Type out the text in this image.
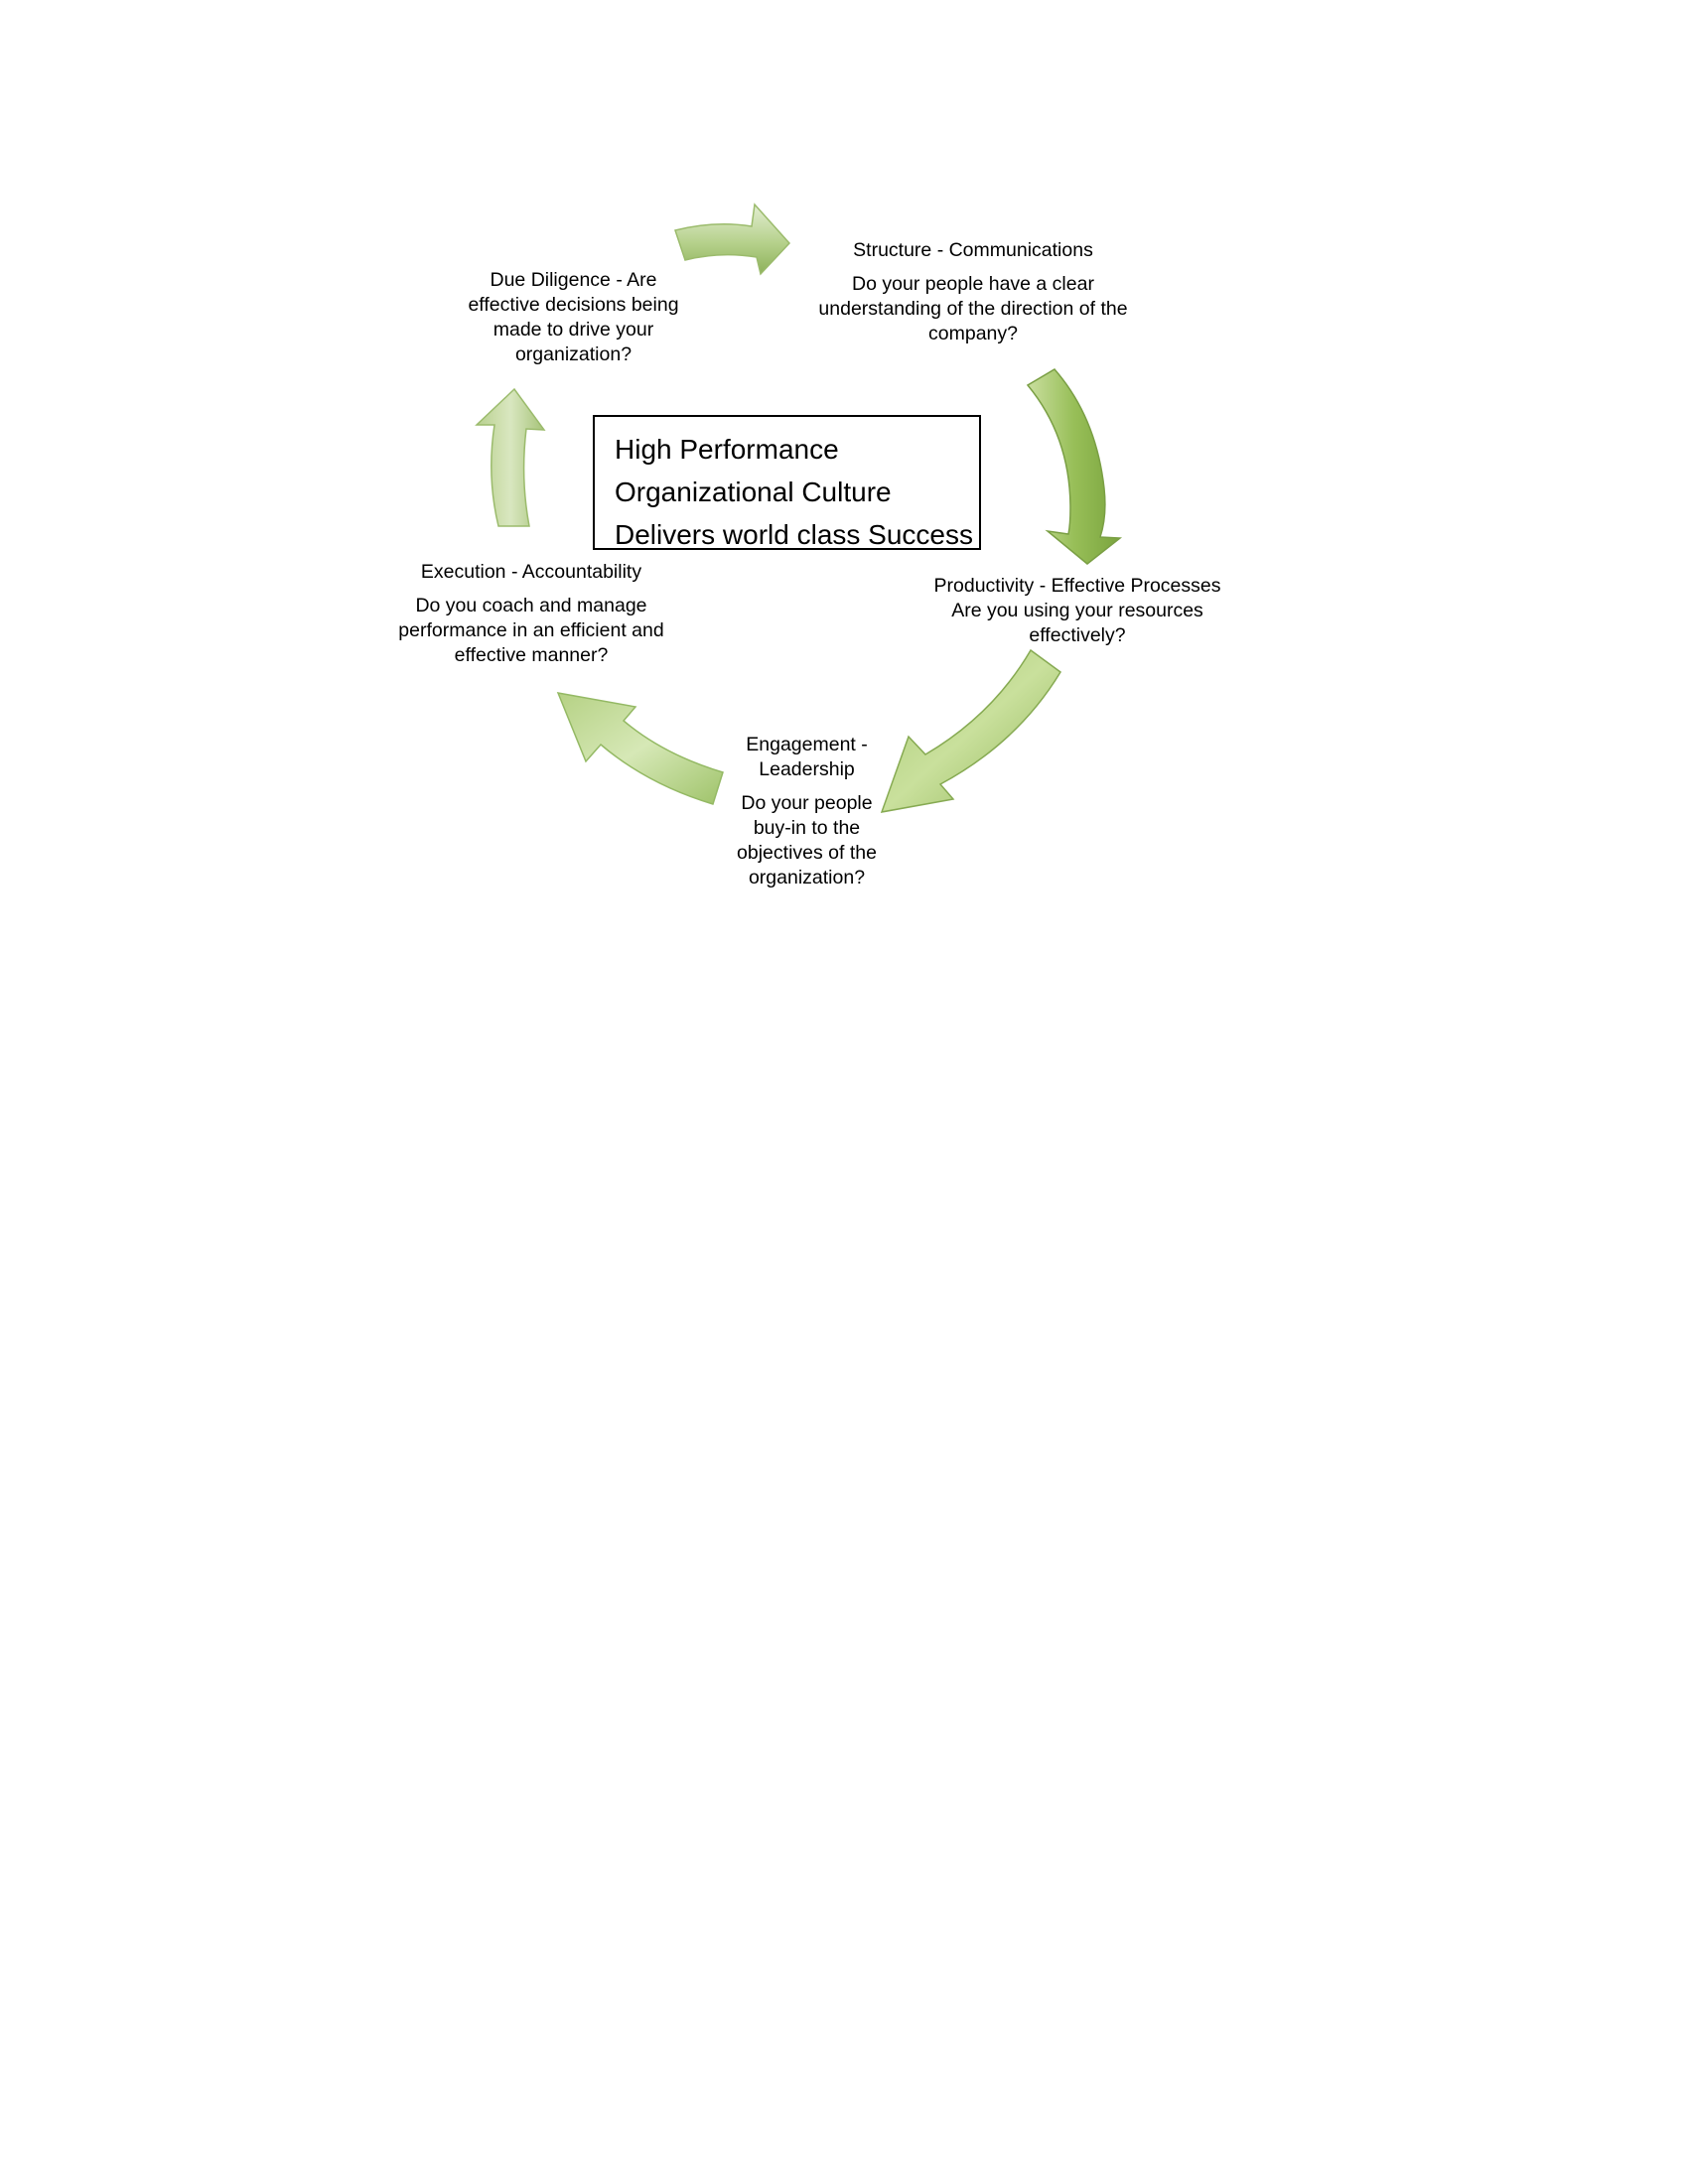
Due Diligence - Are
effective decisions being
made to drive your
organization?
Structure - Communications
Do your people have a clear
understanding of the direction of the
company?
Productivity - Effective Processes
Are you using your resources
effectively?
Engagement -
Leadership
Do your people
buy-in to the
objectives of the
organization?
Execution - Accountability
Do you coach and manage
performance in an efficient and
effective manner?
High Performance
Organizational Culture
Delivers world class Success
